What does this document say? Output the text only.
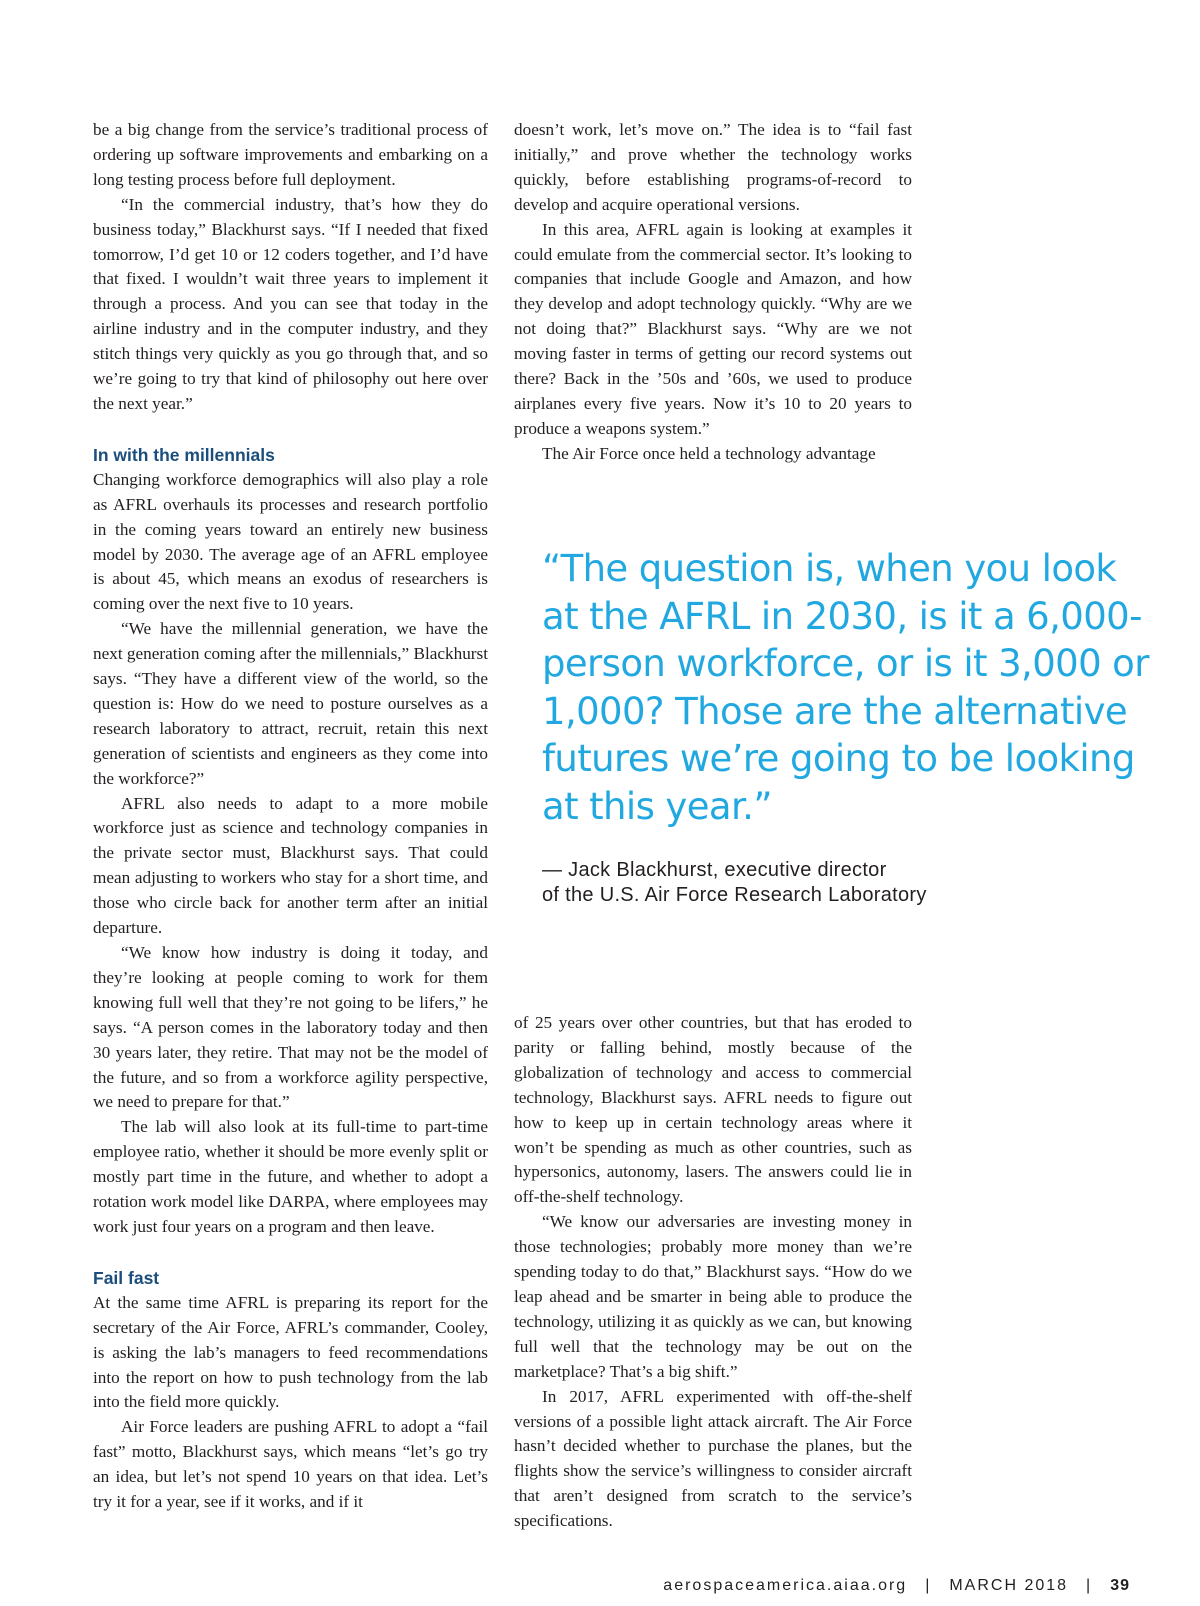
be a big change from the service’s traditional process of ordering up software improvements and embarking on a long testing process before full deployment.

“In the commercial industry, that’s how they do business today,” Blackhurst says. “If I needed that fixed tomorrow, I’d get 10 or 12 coders together, and I’d have that fixed. I wouldn’t wait three years to implement it through a process. And you can see that today in the airline industry and in the computer industry, and they stitch things very quickly as you go through that, and so we’re going to try that kind of philosophy out here over the next year.”

In with the millennials

Changing workforce demographics will also play a role as AFRL overhauls its processes and research portfolio in the coming years toward an entirely new business model by 2030. The average age of an AFRL employee is about 45, which means an exodus of researchers is coming over the next five to 10 years.

“We have the millennial generation, we have the next generation coming after the millennials,” Blackhurst says. “They have a different view of the world, so the question is: How do we need to posture ourselves as a research laboratory to attract, recruit, retain this next generation of scientists and engineers as they come into the workforce?”

AFRL also needs to adapt to a more mobile workforce just as science and technology companies in the private sector must, Blackhurst says. That could mean adjusting to workers who stay for a short time, and those who circle back for another term after an initial departure.

“We know how industry is doing it today, and they’re looking at people coming to work for them knowing full well that they’re not going to be lifers,” he says. “A person comes in the laboratory today and then 30 years later, they retire. That may not be the model of the future, and so from a workforce agility perspective, we need to prepare for that.”

The lab will also look at its full-time to part-time employee ratio, whether it should be more evenly split or mostly part time in the future, and whether to adopt a rotation work model like DARPA, where employees may work just four years on a program and then leave.

Fail fast

At the same time AFRL is preparing its report for the secretary of the Air Force, AFRL’s commander, Cooley, is asking the lab’s managers to feed recommendations into the report on how to push technology from the lab into the field more quickly.

Air Force leaders are pushing AFRL to adopt a “fail fast” motto, Blackhurst says, which means “let’s go try an idea, but let’s not spend 10 years on that idea. Let’s try it for a year, see if it works, and if it

doesn’t work, let’s move on.” The idea is to “fail fast initially,” and prove whether the technology works quickly, before establishing programs-of-record to develop and acquire operational versions.

In this area, AFRL again is looking at examples it could emulate from the commercial sector. It’s looking to companies that include Google and Amazon, and how they develop and adopt technology quickly. “Why are we not doing that?” Blackhurst says. “Why are we not moving faster in terms of getting our record systems out there? Back in the ’50s and ’60s, we used to produce airplanes every five years. Now it’s 10 to 20 years to produce a weapons system.”

The Air Force once held a technology advantage

“The question is, when you look at the AFRL in 2030, is it a 6,000-person workforce, or is it 3,000 or 1,000? Those are the alternative futures we’re going to be looking at this year.”

— Jack Blackhurst, executive director
of the U.S. Air Force Research Laboratory

of 25 years over other countries, but that has eroded to parity or falling behind, mostly because of the globalization of technology and access to commercial technology, Blackhurst says. AFRL needs to figure out how to keep up in certain technology areas where it won’t be spending as much as other countries, such as hypersonics, autonomy, lasers. The answers could lie in off-the-shelf technology.

“We know our adversaries are investing money in those technologies; probably more money than we’re spending today to do that,” Blackhurst says. “How do we leap ahead and be smarter in being able to produce the technology, utilizing it as quickly as we can, but knowing full well that the technology may be out on the marketplace? That’s a big shift.”

In 2017, AFRL experimented with off-the-shelf versions of a possible light attack aircraft. The Air Force hasn’t decided whether to purchase the planes, but the flights show the service’s willingness to consider aircraft that aren’t designed from scratch to the service’s specifications.

aerospaceamerica.aiaa.org | MARCH 2018 | 39
